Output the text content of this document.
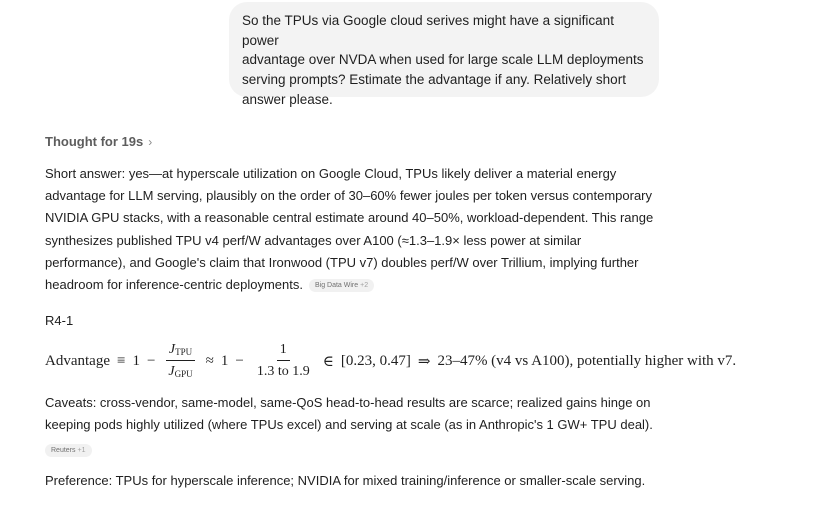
So the TPUs via Google cloud serives might have a significant power
advantage over NVDA when used for large scale LLM deployments
serving prompts? Estimate the advantage if any. Relatively short
answer please.
Thought for 19s ›
Short answer: yes—at hyperscale utilization on Google Cloud, TPUs likely deliver a material energy advantage for LLM serving, plausibly on the order of 30–60% fewer joules per token versus contemporary NVIDIA GPU stacks, with a reasonable central estimate around 40–50%, workload-dependent. This range synthesizes published TPU v4 perf/W advantages over A100 (≈1.3–1.9× less power at similar performance), and Google's claim that Ironwood (TPU v7) doubles perf/W over Trillium, implying further headroom for inference-centric deployments. Big Data Wire +2
R4-1
Advantage ≡ $1 - \frac{J_{TPU}}{J_{GPU}} \approx 1 - \frac{1}{1.3 to 1.9}$ ∈ [0.23, 0.47] ⇒ 23–47% (v4 vs A100), potentially higher with v7.
Caveats: cross-vendor, same-model, same-QoS head-to-head results are scarce; realized gains hinge on keeping pods highly utilized (where TPUs excel) and serving at scale (as in Anthropic's 1 GW+ TPU deal).
Reuters +1
Preference: TPUs for hyperscale inference; NVIDIA for mixed training/inference or smaller-scale serving.
